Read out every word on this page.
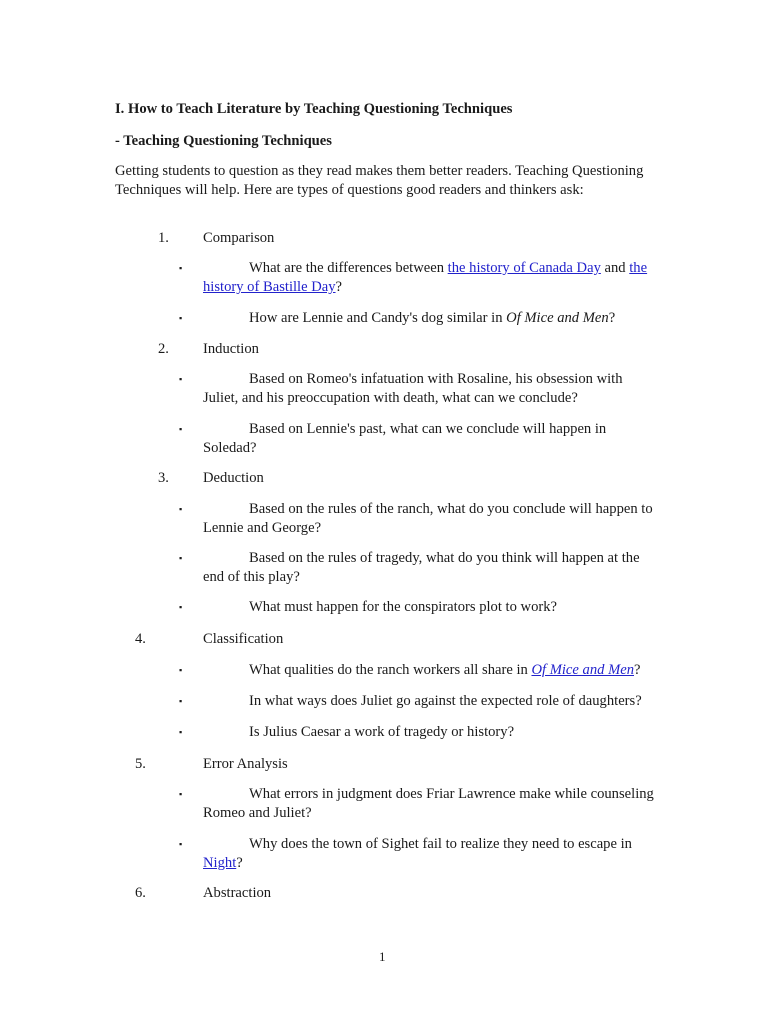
I. How to Teach Literature by Teaching Questioning Techniques
- Teaching Questioning Techniques
Getting students to question as they read makes them better readers. Teaching Questioning Techniques will help. Here are types of questions good readers and thinkers ask:
1. Comparison
▪	What are the differences between the history of Canada Day and the history of Bastille Day?
▪	How are Lennie and Candy's dog similar in Of Mice and Men?
2. Induction
▪	Based on Romeo's infatuation with Rosaline, his obsession with Juliet, and his preoccupation with death, what can we conclude?
▪	Based on Lennie's past, what can we conclude will happen in Soledad?
3. Deduction
▪	Based on the rules of the ranch, what do you conclude will happen to Lennie and George?
▪	Based on the rules of tragedy, what do you think will happen at the end of this play?
▪	What must happen for the conspirators plot to work?
4.	Classification
▪	What qualities do the ranch workers all share in Of Mice and Men?
▪	In what ways does Juliet go against the expected role of daughters?
▪	Is Julius Caesar a work of tragedy or history?
5.	Error Analysis
▪	What errors in judgment does Friar Lawrence make while counseling Romeo and Juliet?
▪	Why does the town of Sighet fail to realize they need to escape in Night?
6.	Abstraction
1
